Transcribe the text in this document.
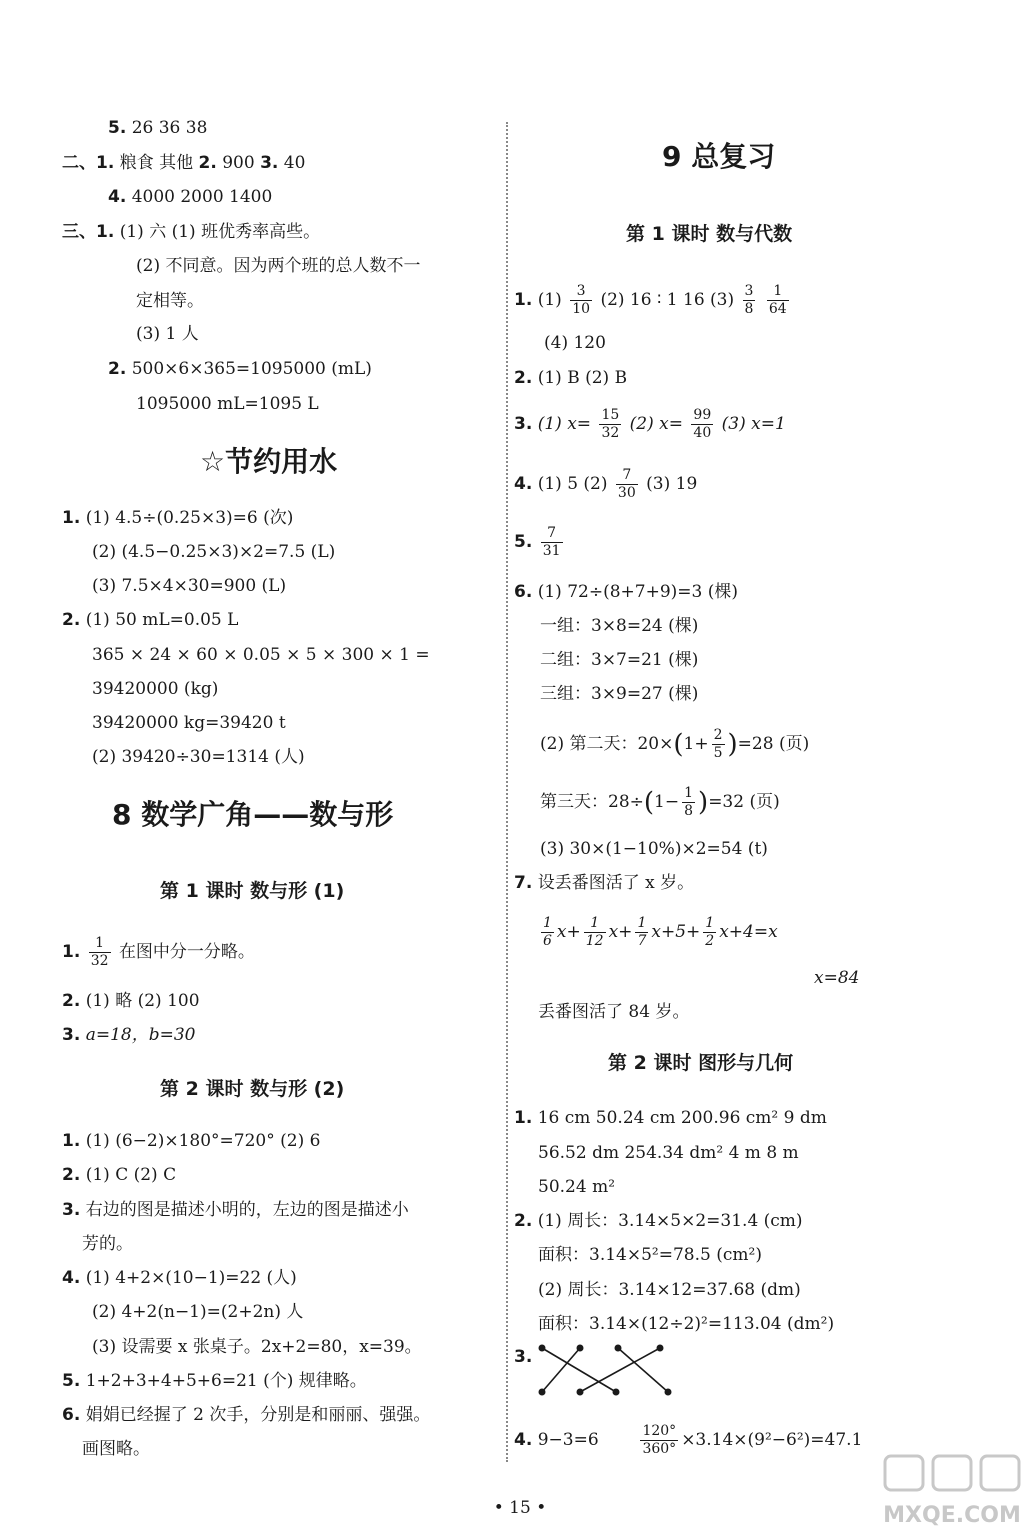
5. 26 36 38
二、1. 粮食 其他 2. 900 3. 40
4. 4000 2000 1400
三、1. (1) 六 (1) 班优秀率高些。
(2) 不同意。因为两个班的总人数不一
定相等。
(3) 1 人
2. 500×6×365=1095000 (mL)
1095000 mL=1095 L
☆节约用水
1. (1) 4.5÷(0.25×3)=6 (次)
(2) (4.5−0.25×3)×2=7.5 (L)
(3) 7.5×4×30=900 (L)
2. (1) 50 mL=0.05 L
365 × 24 × 60 × 0.05 × 5 × 300 × 1 =
39420000 (kg)
39420000 kg=39420 t
(2) 39420÷30=1314 (人)
8 数学广角——数与形
第 1 课时 数与形 (1)
1. $\frac{1}{32}$ 在图中分一分略。
2. (1) 略 (2) 100
3. a=18，b=30
第 2 课时 数与形 (2)
1. (1) (6−2)×180°=720° (2) 6
2. (1) C (2) C
3. 右边的图是描述小明的，左边的图是描述小
芳的。
4. (1) 4+2×(10−1)=22 (人)
(2) 4+2(n−1)=(2+2n) 人
(3) 设需要 x 张桌子。2x+2=80，x=39。
5. 1+2+3+4+5+6=21 (个) 规律略。
6. 娟娟已经握了 2 次手，分别是和丽丽、强强。
画图略。
9 总复习
第 1 课时 数与代数
1. $(1) \frac{3}{10} (2)$ 16 ∶ 1 16 $(3) \frac{3}{8}$
$\frac{1}{64}$
(4) 120
2. (1) B (2) B
3. (1) $x= \frac{15}{32} (2)$ $x= \frac{99}{40} (3)$ x=1
4. (1) 5 $(2) \frac{7}{30} (3)$ 19
5. $\frac{7}{31}$
6. (1) 72÷(8+7+9)=3 (棵)
一组：3×8=24 (棵)
二组：3×7=21 (棵)
三组：3×9=27 (棵)
(2) 第二天：$20\times(1+ \frac{2}{5} )=28$ (页)
第三天：$28\div(1- \frac{1}{8} )=32$ (页)
(3) 30×(1−10%)×2=54 (t)
7. 设丢番图活了 x 岁。
$\frac{1}{6} x+ \frac{1}{12} x+ \frac{1}{7} x+5+ \frac{1}{2} x+4=x$
x=84
丢番图活了 84 岁。
第 2 课时 图形与几何
1. 16 cm 50.24 cm 200.96 cm² 9 dm
56.52 dm 254.34 dm² 4 m 8 m
50.24 m²
2. (1) 周长：3.14×5×2=31.4 (cm)
面积：3.14×5²=78.5 (cm²)
(2) 周长：3.14×12=37.68 (dm)
面积：3.14×(12÷2)²=113.04 (dm²)
3.
4. 9−3=6	$\frac{120^\circ}{360^\circ} \times 3.14\times(9^2-6^2)=47.1$
• 15 •	MXQE.COM
